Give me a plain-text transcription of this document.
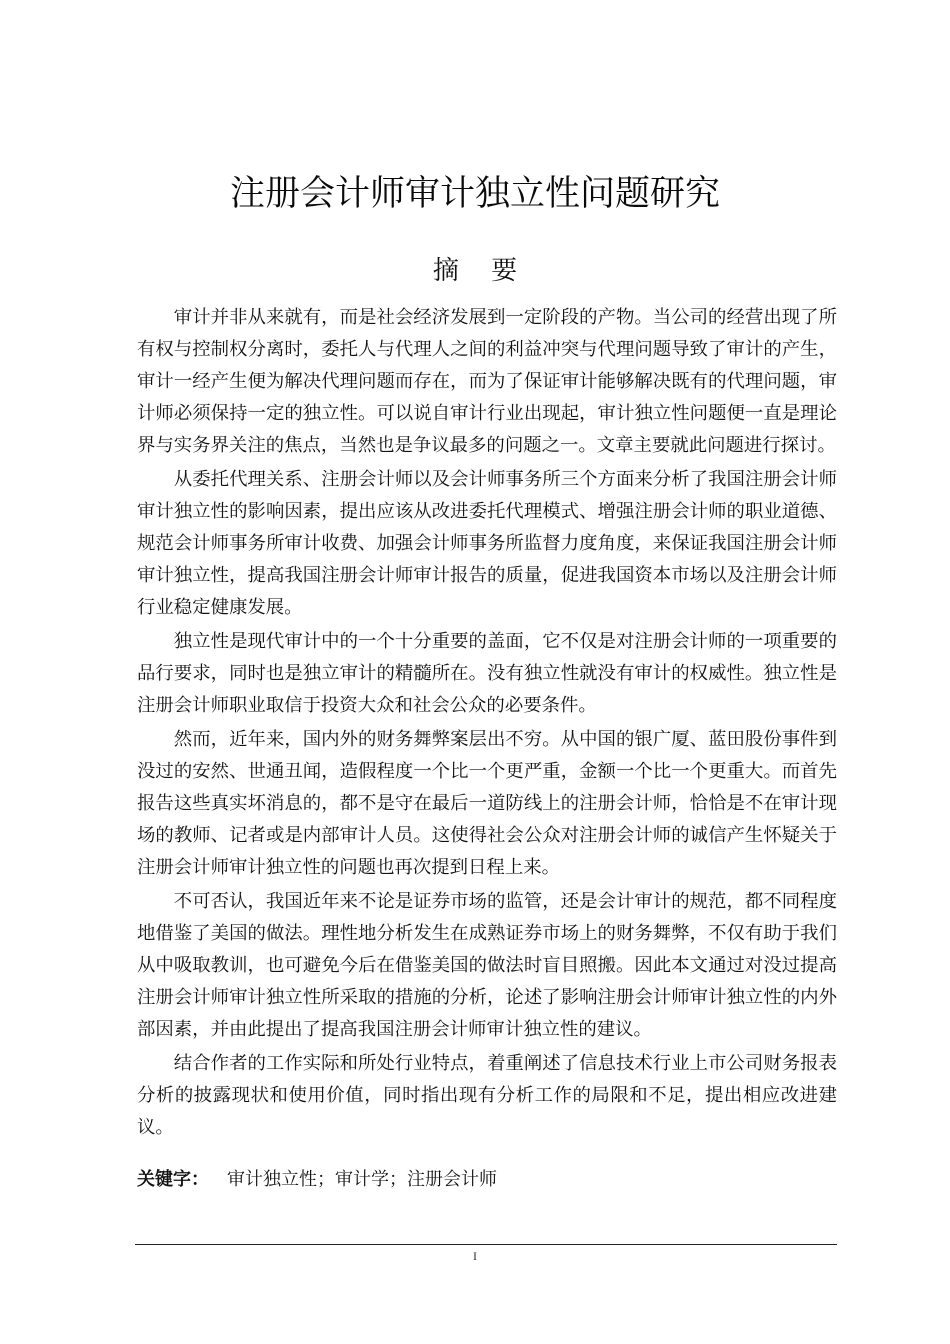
注册会计师审计独立性问题研究
摘 要

审计并非从来就有，而是社会经济发展到一定阶段的产物。当公司的经营出现了所有权与控制权分离时，委托人与代理人之间的利益冲突与代理问题导致了审计的产生，审计一经产生便为解决代理问题而存在，而为了保证审计能够解决既有的代理问题，审计师必须保持一定的独立性。可以说自审计行业出现起，审计独立性问题便一直是理论界与实务界关注的焦点，当然也是争议最多的问题之一。文章主要就此问题进行探讨。

从委托代理关系、注册会计师以及会计师事务所三个方面来分析了我国注册会计师审计独立性的影响因素，提出应该从改进委托代理模式、增强注册会计师的职业道德、规范会计师事务所审计收费、加强会计师事务所监督力度角度，来保证我国注册会计师审计独立性，提高我国注册会计师审计报告的质量，促进我国资本市场以及注册会计师行业稳定健康发展。

独立性是现代审计中的一个十分重要的盖面，它不仅是对注册会计师的一项重要的品行要求，同时也是独立审计的精髓所在。没有独立性就没有审计的权威性。独立性是注册会计师职业取信于投资大众和社会公众的必要条件。

然而，近年来，国内外的财务舞弊案层出不穷。从中国的银广厦、蓝田股份事件到没过的安然、世通丑闻，造假程度一个比一个更严重，金额一个比一个更重大。而首先报告这些真实坏消息的，都不是守在最后一道防线上的注册会计师，恰恰是不在审计现场的教师、记者或是内部审计人员。这使得社会公众对注册会计师的诚信产生怀疑关于注册会计师审计独立性的问题也再次提到日程上来。

不可否认，我国近年来不论是证券市场的监管，还是会计审计的规范，都不同程度地借鉴了美国的做法。理性地分析发生在成熟证券市场上的财务舞弊，不仅有助于我们从中吸取教训，也可避免今后在借鉴美国的做法时盲目照搬。因此本文通过对没过提高注册会计师审计独立性所采取的措施的分析，论述了影响注册会计师审计独立性的内外部因素，并由此提出了提高我国注册会计师审计独立性的建议。

结合作者的工作实际和所处行业特点，着重阐述了信息技术行业上市公司财务报表分析的披露现状和使用价值，同时指出现有分析工作的局限和不足，提出相应改进建议。

关键字： 审计独立性；审计学；注册会计师
I
